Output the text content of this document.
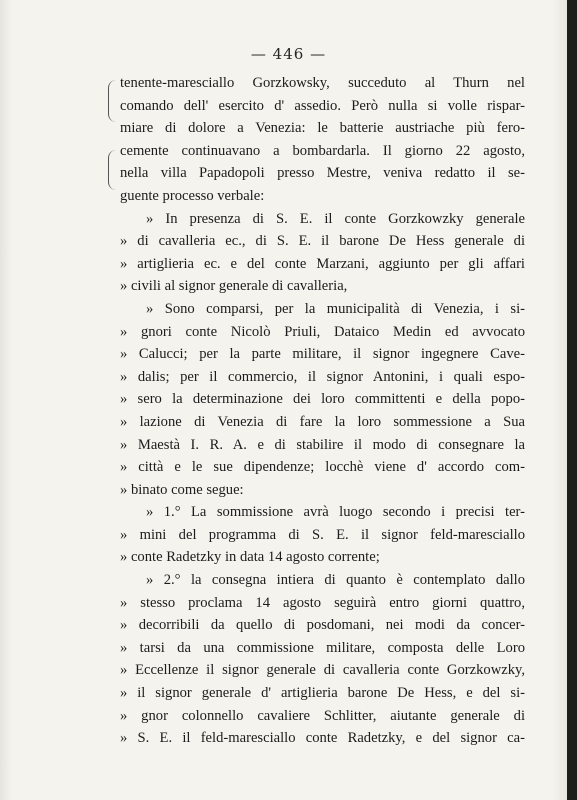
— 446 —
tenente-maresciallo Gorzkowsky, succeduto al Thurn nel
comando dell' esercito d' assedio. Però nulla si volle rispar-
miare di dolore a Venezia: le batterie austriache più fero-
cemente continuavano a bombardarla. Il giorno 22 agosto,
nella villa Papadopoli presso Mestre, veniva redatto il se-
guente processo verbale:
» In presenza di S. E. il conte Gorzkowzky generale
» di cavalleria ec., di S. E. il barone De Hess generale di
» artiglieria ec. e del conte Marzani, aggiunto per gli affari
» civili al signor generale di cavalleria,
» Sono comparsi, per la municipalità di Venezia, i si-
» gnori conte Nicolò Priuli, Dataico Medin ed avvocato
» Calucci; per la parte militare, il signor ingegnere Cave-
» dalis; per il commercio, il signor Antonini, i quali espo-
» sero la determinazione dei loro committenti e della popo-
» lazione di Venezia di fare la loro sommessione a Sua
» Maestà I. R. A. e di stabilire il modo di consegnare la
» città e le sue dipendenze; locchè viene d' accordo com-
» binato come segue:
» 1.° La sommissione avrà luogo secondo i precisi ter-
» mini del programma di S. E. il signor feld-maresciallo
» conte Radetzky in data 14 agosto corrente;
» 2.° la consegna intiera di quanto è contemplato dallo
» stesso proclama 14 agosto seguirà entro giorni quattro,
» decorribili da quello di posdomani, nei modi da concer-
» tarsi da una commissione militare, composta delle Loro
» Eccellenze il signor generale di cavalleria conte Gorzkowzky,
» il signor generale d' artiglieria barone De Hess, e del si-
» gnor colonnello cavaliere Schlitter, aiutante generale di
» S. E. il feld-maresciallo conte Radetzky, e del signor ca-
